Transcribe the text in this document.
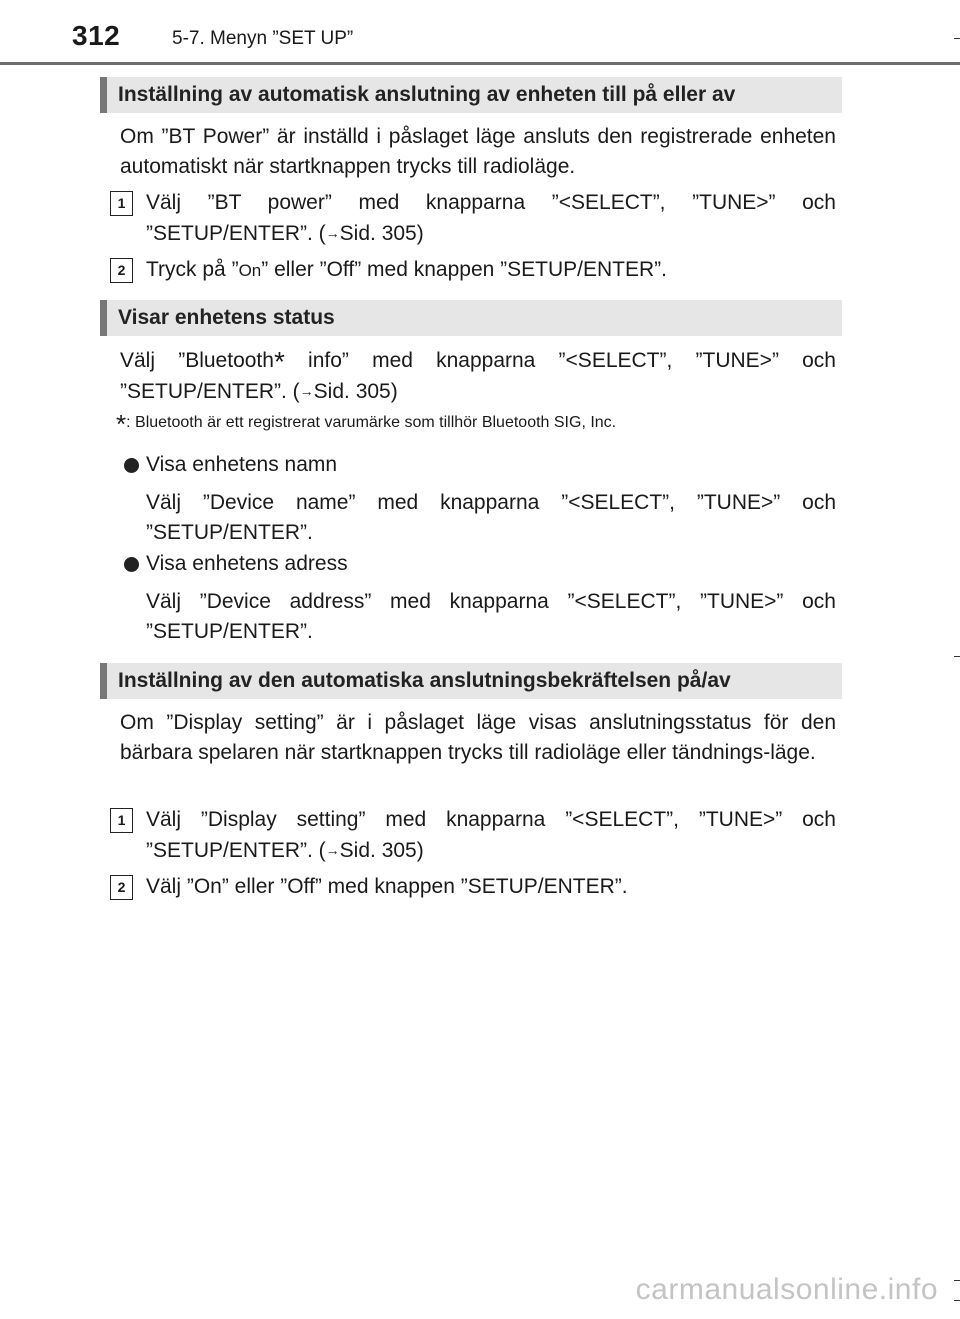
312	5-7. Menyn ”SET UP”
Inställning av automatisk anslutning av enheten till på eller av

Om ”BT Power” är inställd i påslaget läge ansluts den registrerade enheten automatiskt när startknappen trycks till radioläge.

1 Välj ”BT power” med knapparna ”<SELECT”, ”TUNE>” och
”SETUP/ENTER”. (→Sid. 305)

2 Tryck på ”On” eller ”Off” med knappen ”SETUP/ENTER”.

Visar enhetens status

Välj ”Bluetooth* info” med knapparna ”<SELECT”, ”TUNE>” och
”SETUP/ENTER”. (→Sid. 305)

*: Bluetooth är ett registrerat varumärke som tillhör Bluetooth SIG, Inc.

Visa enhetens namn

Välj ”Device name” med knapparna ”<SELECT”, ”TUNE>” och
”SETUP/ENTER”.

Visa enhetens adress

Välj ”Device address” med knapparna ”<SELECT”, ”TUNE>” och
”SETUP/ENTER”.

Inställning av den automatiska anslutningsbekräftelsen på/av

Om ”Display setting” är i påslaget läge visas anslutningsstatus för den bärbara spelaren när startknappen trycks till radioläge eller tändnings-läge.

1 Välj ”Display setting” med knapparna ”<SELECT”, ”TUNE>” och
”SETUP/ENTER”. (→Sid. 305)

2 Välj ”On” eller ”Off” med knappen ”SETUP/ENTER”.

carmanualsonline.info
